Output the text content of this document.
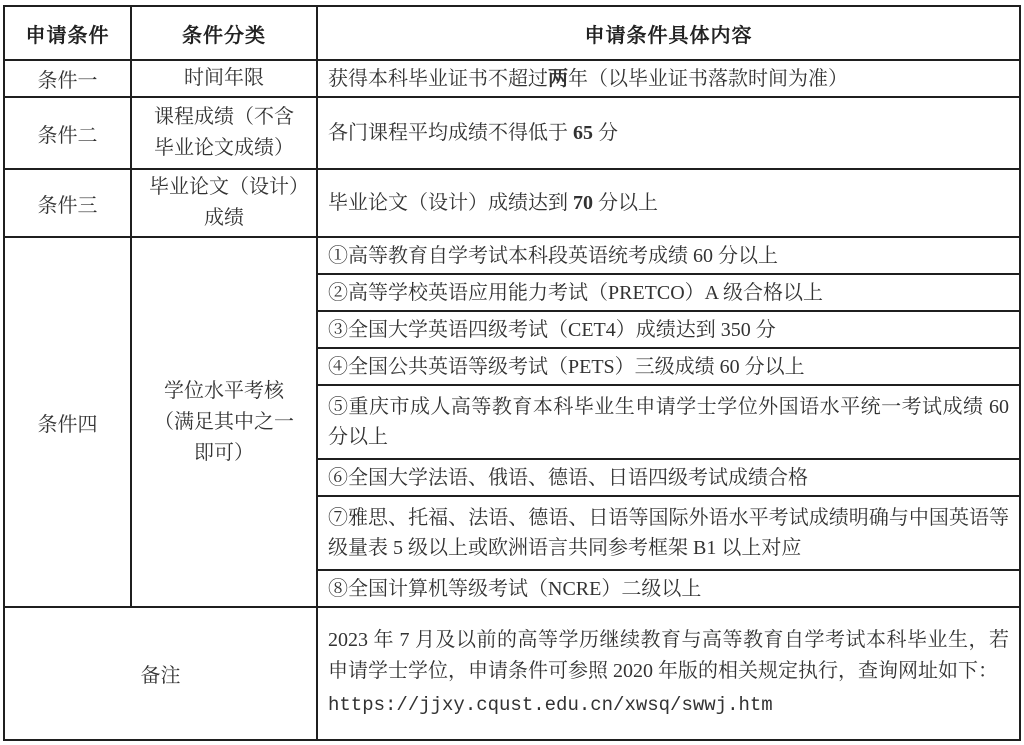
申请条件	条件分类	申请条件具体内容
条件一	时间年限	获得本科毕业证书不超过两年（以毕业证书落款时间为准）
条件二	课程成绩（不含毕业论文成绩）	各门课程平均成绩不得低于 65 分
条件三	毕业论文（设计）成绩	毕业论文（设计）成绩达到 70 分以上
条件四	学位水平考核（满足其中之一即可）	①高等教育自学考试本科段英语统考成绩 60 分以上
		②高等学校英语应用能力考试（PRETCO）A 级合格以上
		③全国大学英语四级考试（CET4）成绩达到 350 分
		④全国公共英语等级考试（PETS）三级成绩 60 分以上
		⑤重庆市成人高等教育本科毕业生申请学士学位外国语水平统一考试成绩 60 分以上
		⑥全国大学法语、俄语、德语、日语四级考试成绩合格
		⑦雅思、托福、法语、德语、日语等国际外语水平考试成绩明确与中国英语等级量表 5 级以上或欧洲语言共同参考框架 B1 以上对应
		⑧全国计算机等级考试（NCRE）二级以上
备注		2023 年 7 月及以前的高等学历继续教育与高等教育自学考试本科毕业生，若申请学士学位，申请条件可参照 2020 年版的相关规定执行，查询网址如下：

https://jjxy.cqust.edu.cn/xwsq/swwj.htm
